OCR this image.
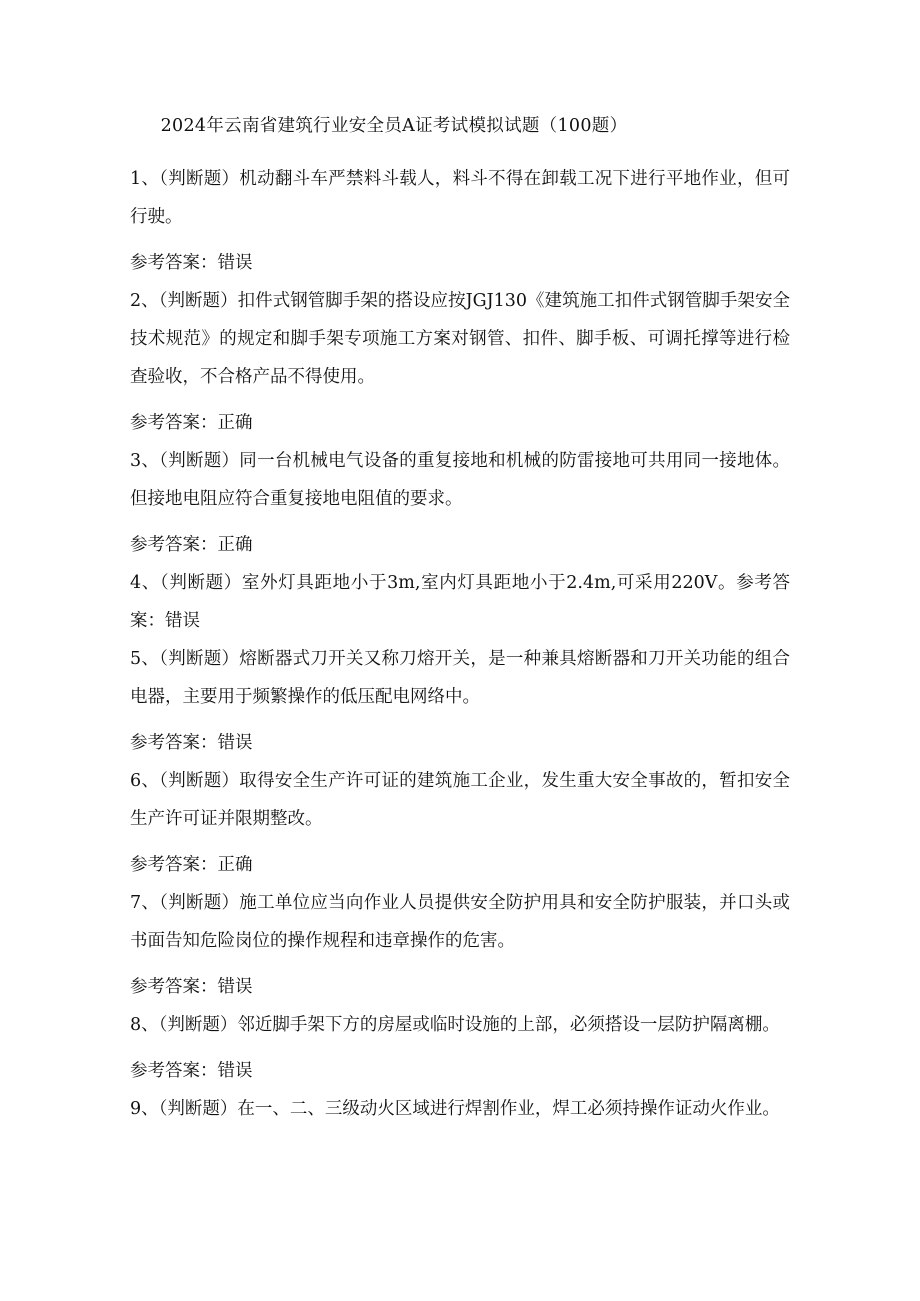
2024年云南省建筑行业安全员A证考试模拟试题（100题）

1、（判断题）机动翻斗车严禁料斗载人，料斗不得在卸载工况下进行平地作业，但可行驶。

参考答案：错误

2、（判断题）扣件式钢管脚手架的搭设应按JGJ130《建筑施工扣件式钢管脚手架安全技术规范》的规定和脚手架专项施工方案对钢管、扣件、脚手板、可调托撑等进行检查验收，不合格产品不得使用。

参考答案：正确

3、（判断题）同一台机械电气设备的重复接地和机械的防雷接地可共用同一接地体。但接地电阻应符合重复接地电阻值的要求。

参考答案：正确

4、（判断题）室外灯具距地小于3m,室内灯具距地小于2.4m,可采用220V。参考答案：错误

5、（判断题）熔断器式刀开关又称刀熔开关，是一种兼具熔断器和刀开关功能的组合电器，主要用于频繁操作的低压配电网络中。

参考答案：错误

6、（判断题）取得安全生产许可证的建筑施工企业，发生重大安全事故的，暂扣安全生产许可证并限期整改。

参考答案：正确

7、（判断题）施工单位应当向作业人员提供安全防护用具和安全防护服装，并口头或书面告知危险岗位的操作规程和违章操作的危害。

参考答案：错误

8、（判断题）邻近脚手架下方的房屋或临时设施的上部，必须搭设一层防护隔离棚。

参考答案：错误

9、（判断题）在一、二、三级动火区域进行焊割作业，焊工必须持操作证动火作业。
